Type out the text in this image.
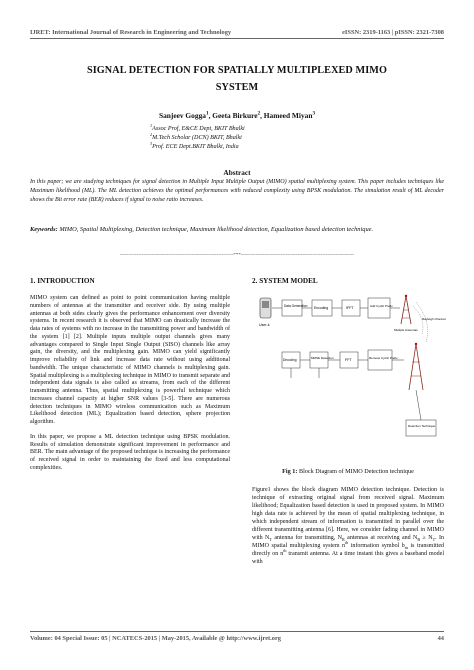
IJRET: International Journal of Research in Engineering and Technology	eISSN: 2319-1163 | pISSN: 2321-7308
SIGNAL DETECTION FOR SPATIALLY MULTIPLEXED MIMO
SYSTEM
Sanjeev Gogga$^1$, Geeta Birkure$^2$, Hameed Miyan$^3$
$^1$Assoc Prof, E&CE Dept, BKIT Bhalki
$^2$M.Tech Scholar (DCN) BKIT, Bhalki
$^3$Prof. ECE Dept.BKIT Bhalki, India
Abstract
In this paper; we are studying techniques for signal detection in Multiple Input Multiple Output (MIMO) spatial multiplexing system. This paper includes techniques like Maximum likelihood (ML). The ML detection achieves the optimal performances with reduced complexity using BPSK modulation. The simulation result of ML decoder shows the Bit error rate (BER) reduces if signal to noise ratio increases.
Keywords: MIMO, Spatial Multiplexing, Detection technique, Maximum likelihood detection, Equalization based detection technique.
--------------------------------------------------------------------***--------------------------------------------------------------------
1. INTRODUCTION

MIMO system can defined as point to point communication having multiple numbers of antennas at the transmitter and receiver side. By using multiple antennas at both sides clearly gives the performance enhancement over diversity systems. In recent research it is observed that MIMO can drastically increase the data rates of systems with no increase in the transmitting power and bandwidth of the system [1] [2]. Multiple inputs multiple output channels gives many advantages compared to Single Input Single Output (SISO) channels like array gain, the diversity, and the multiplexing gain. MIMO can yield significantly improve reliability of link and increase data rate without using additional bandwidth. The unique characteristic of MIMO channels is multiplexing gain. Spatial multiplexing is a multiplexing technique in MIMO to transmit separate and independent data signals is also called as streams, from each of the different transmitting antenna. Thus, spatial multiplexing is powerful technique which increases channel capacity at higher SNR values [3-5]. There are numerous detection techniques in MIMO wireless communication such as Maximum Likelihood detection (ML); Equalization based detection, sphere projection algorithm.

In this paper, we propose a ML detection technique using BPSK modulation. Results of simulation demonstrate significant improvement in performance and BER. The main advantage of the proposed technique is increasing the performance of received signal in order to maintaining the fixed and less computational complexities.

2. SYSTEM MODEL
User-k
Data Generation Encoding	IFFT	Add Cyclic Prefix
Multiple Antennas
Rayleigh Channel
Decoding	MMSE Detection	FFT	Remove Cyclic Prefix
Detection Technique
Fig 1: Block Diagram of MIMO Detection technique
Figure1 shows the block diagram MIMO detection technique. Detection is technique of extracting original signal from received signal. Maximum likelihood; Equalization based detection is used in proposed system. In MIMO high data rate is achieved by the mean of spatial multiplexing technique, in which independent stream of information is transmitted in parallel over the different transmitting antenna [6]. Here, we consider fading channel in MIMO with $N_T$ antenna for transmitting, $N_R$ antennas at receiving and $N_R \ge N_T$. In MIMO spatial multiplexing system $n^{th}$ information symbol $b_m$ is transmitted directly on $n^{th}$ transmit antenna. At a time instant this gives a baseband model with
Volume: 04 Special Issue: 05 | NCATECS-2015 | May-2015, Available @ http://www.ijret.org	44
